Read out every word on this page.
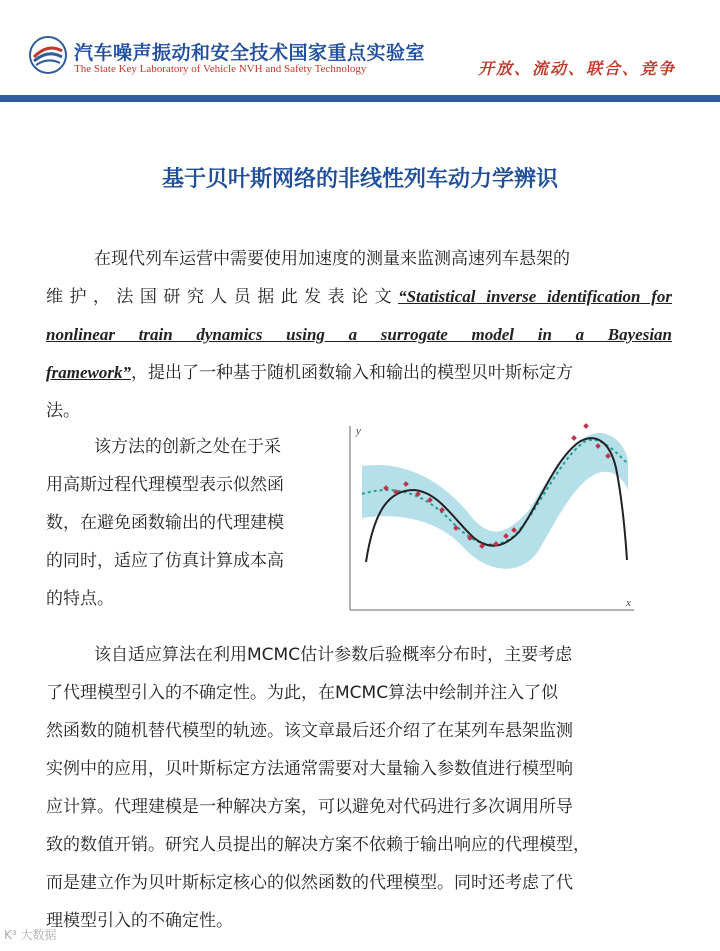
汽车噪声振动和安全技术国家重点实验室
The State Key Laboratory of Vehicle NVH and Safety Technology	开放、流动、联合、竞争
基于贝叶斯网络的非线性列车动力学辨识
在现代列车运营中需要使用加速度的测量来监测高速列车悬架的
维护，法国研究人员据此发表论文“Statistical inverse identification for
nonlinear train dynamics using a surrogate model in a Bayesian
framework”，提出了一种基于随机函数输入和输出的模型贝叶斯标定方
法。
该方法的创新之处在于采
用高斯过程代理模型表示似然函
数，在避免函数输出的代理建模
的同时，适应了仿真计算成本高
的特点。
y
x
该自适应算法在利用MCMC估计参数后验概率分布时，主要考虑
了代理模型引入的不确定性。为此，在MCMC算法中绘制并注入了似
然函数的随机替代模型的轨迹。该文章最后还介绍了在某列车悬架监测
实例中的应用，贝叶斯标定方法通常需要对大量输入参数值进行模型响
应计算。代理建模是一种解决方案，可以避免对代码进行多次调用所导
致的数值开销。研究人员提出的解决方案不依赖于输出响应的代理模型，
而是建立作为贝叶斯标定核心的似然函数的代理模型。同时还考虑了代
理模型引入的不确定性。
K³ 大数据
